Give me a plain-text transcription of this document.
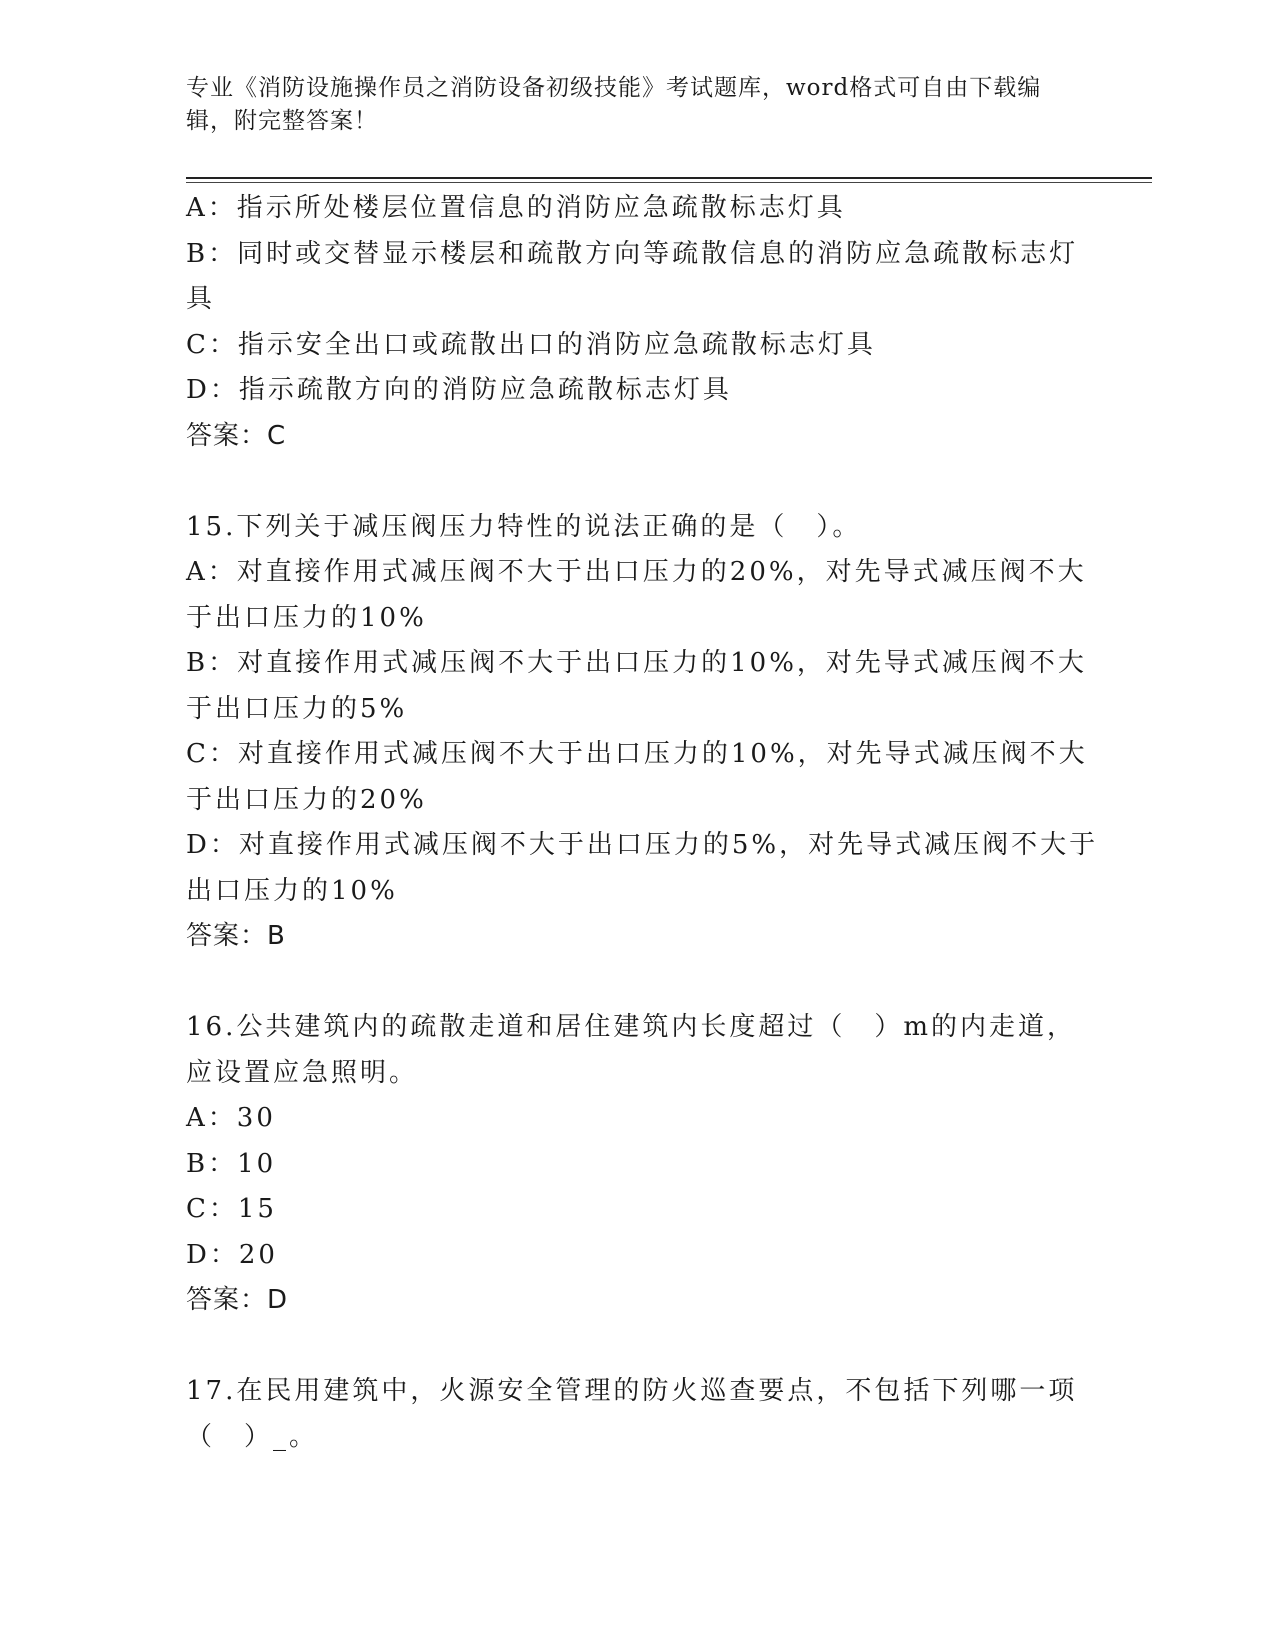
专业《消防设施操作员之消防设备初级技能》考试题库，word格式可自由下载编
辑，附完整答案！
A：指示所处楼层位置信息的消防应急疏散标志灯具
B：同时或交替显示楼层和疏散方向等疏散信息的消防应急疏散标志灯
具
C：指示安全出口或疏散出口的消防应急疏散标志灯具
D：指示疏散方向的消防应急疏散标志灯具
答案：C
15.下列关于减压阀压力特性的说法正确的是（　）。
A：对直接作用式减压阀不大于出口压力的20%，对先导式减压阀不大
于出口压力的10%
B：对直接作用式减压阀不大于出口压力的10%，对先导式减压阀不大
于出口压力的5%
C：对直接作用式减压阀不大于出口压力的10%，对先导式减压阀不大
于出口压力的20%
D：对直接作用式减压阀不大于出口压力的5%，对先导式减压阀不大于
出口压力的10%
答案：B
16.公共建筑内的疏散走道和居住建筑内长度超过（　）m的内走道，
应设置应急照明。
A：30
B：10
C：15
D：20
答案：D
17.在民用建筑中，火源安全管理的防火巡查要点，不包括下列哪一项
（　）_。
